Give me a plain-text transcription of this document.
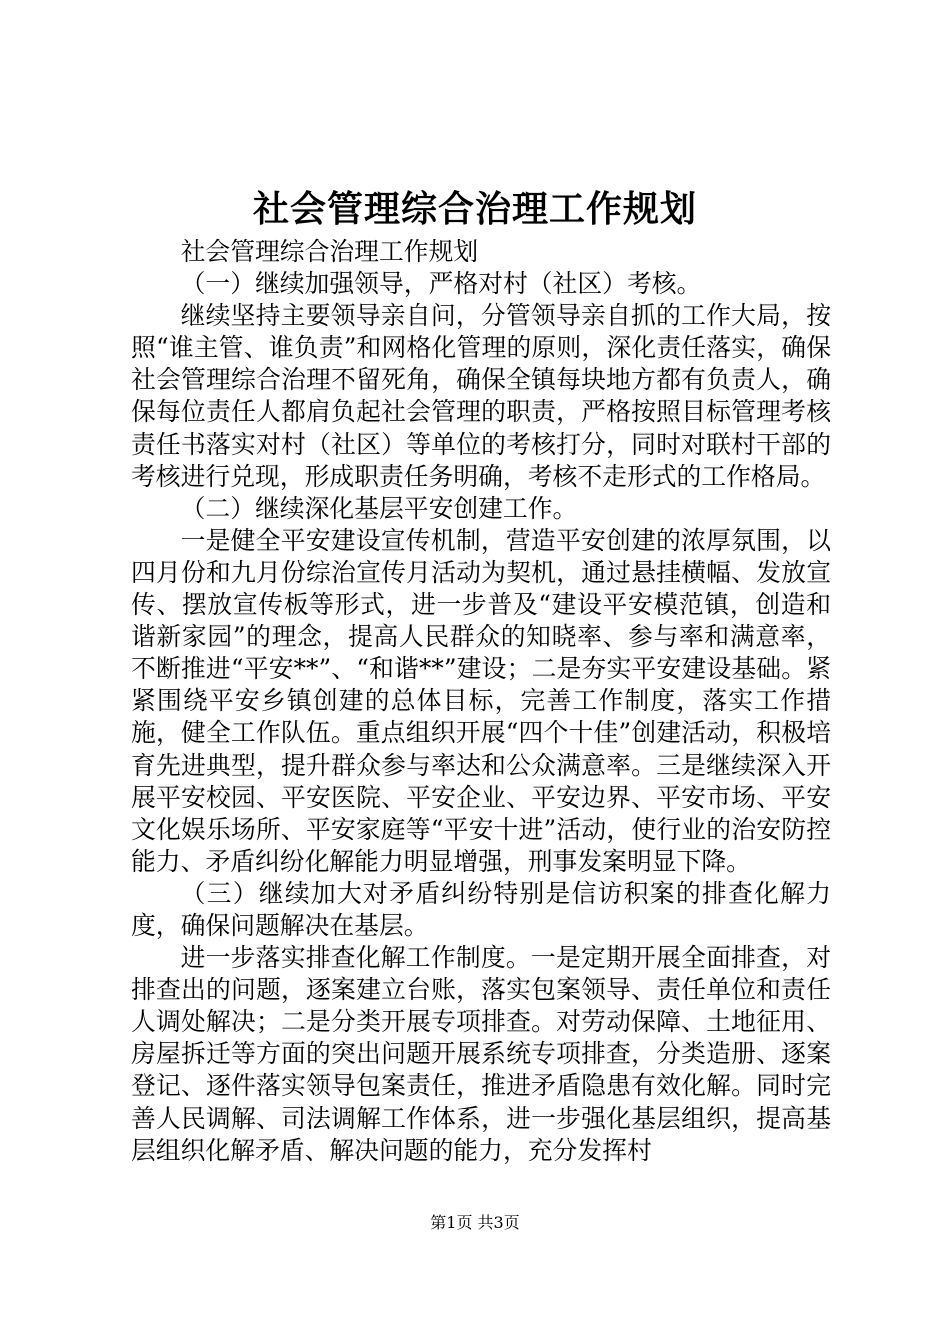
社会管理综合治理工作规划

社会管理综合治理工作规划

（一）继续加强领导，严格对村（社区）考核。

继续坚持主要领导亲自问，分管领导亲自抓的工作大局，按照“谁主管、谁负责”和网格化管理的原则，深化责任落实，确保社会管理综合治理不留死角，确保全镇每块地方都有负责人，确保每位责任人都肩负起社会管理的职责，严格按照目标管理考核责任书落实对村（社区）等单位的考核打分，同时对联村干部的考核进行兑现，形成职责任务明确，考核不走形式的工作格局。

（二）继续深化基层平安创建工作。

一是健全平安建设宣传机制，营造平安创建的浓厚氛围，以四月份和九月份综治宣传月活动为契机，通过悬挂横幅、发放宣传、摆放宣传板等形式，进一步普及“建设平安模范镇，创造和谐新家园”的理念，提高人民群众的知晓率、参与率和满意率，不断推进“平安**”、“和谐**”建设；二是夯实平安建设基础。紧紧围绕平安乡镇创建的总体目标，完善工作制度，落实工作措施，健全工作队伍。重点组织开展“四个十佳”创建活动，积极培育先进典型，提升群众参与率达和公众满意率。三是继续深入开展平安校园、平安医院、平安企业、平安边界、平安市场、平安文化娱乐场所、平安家庭等“平安十进”活动，使行业的治安防控能力、矛盾纠纷化解能力明显增强，刑事发案明显下降。

（三）继续加大对矛盾纠纷特别是信访积案的排查化解力度，确保问题解决在基层。

进一步落实排查化解工作制度。一是定期开展全面排查，对排查出的问题，逐案建立台账，落实包案领导、责任单位和责任人调处解决；二是分类开展专项排查。对劳动保障、土地征用、房屋拆迁等方面的突出问题开展系统专项排查，分类造册、逐案登记、逐件落实领导包案责任，推进矛盾隐患有效化解。同时完善人民调解、司法调解工作体系，进一步强化基层组织，提高基层组织化解矛盾、解决问题的能力，充分发挥村

第1页 共3页
